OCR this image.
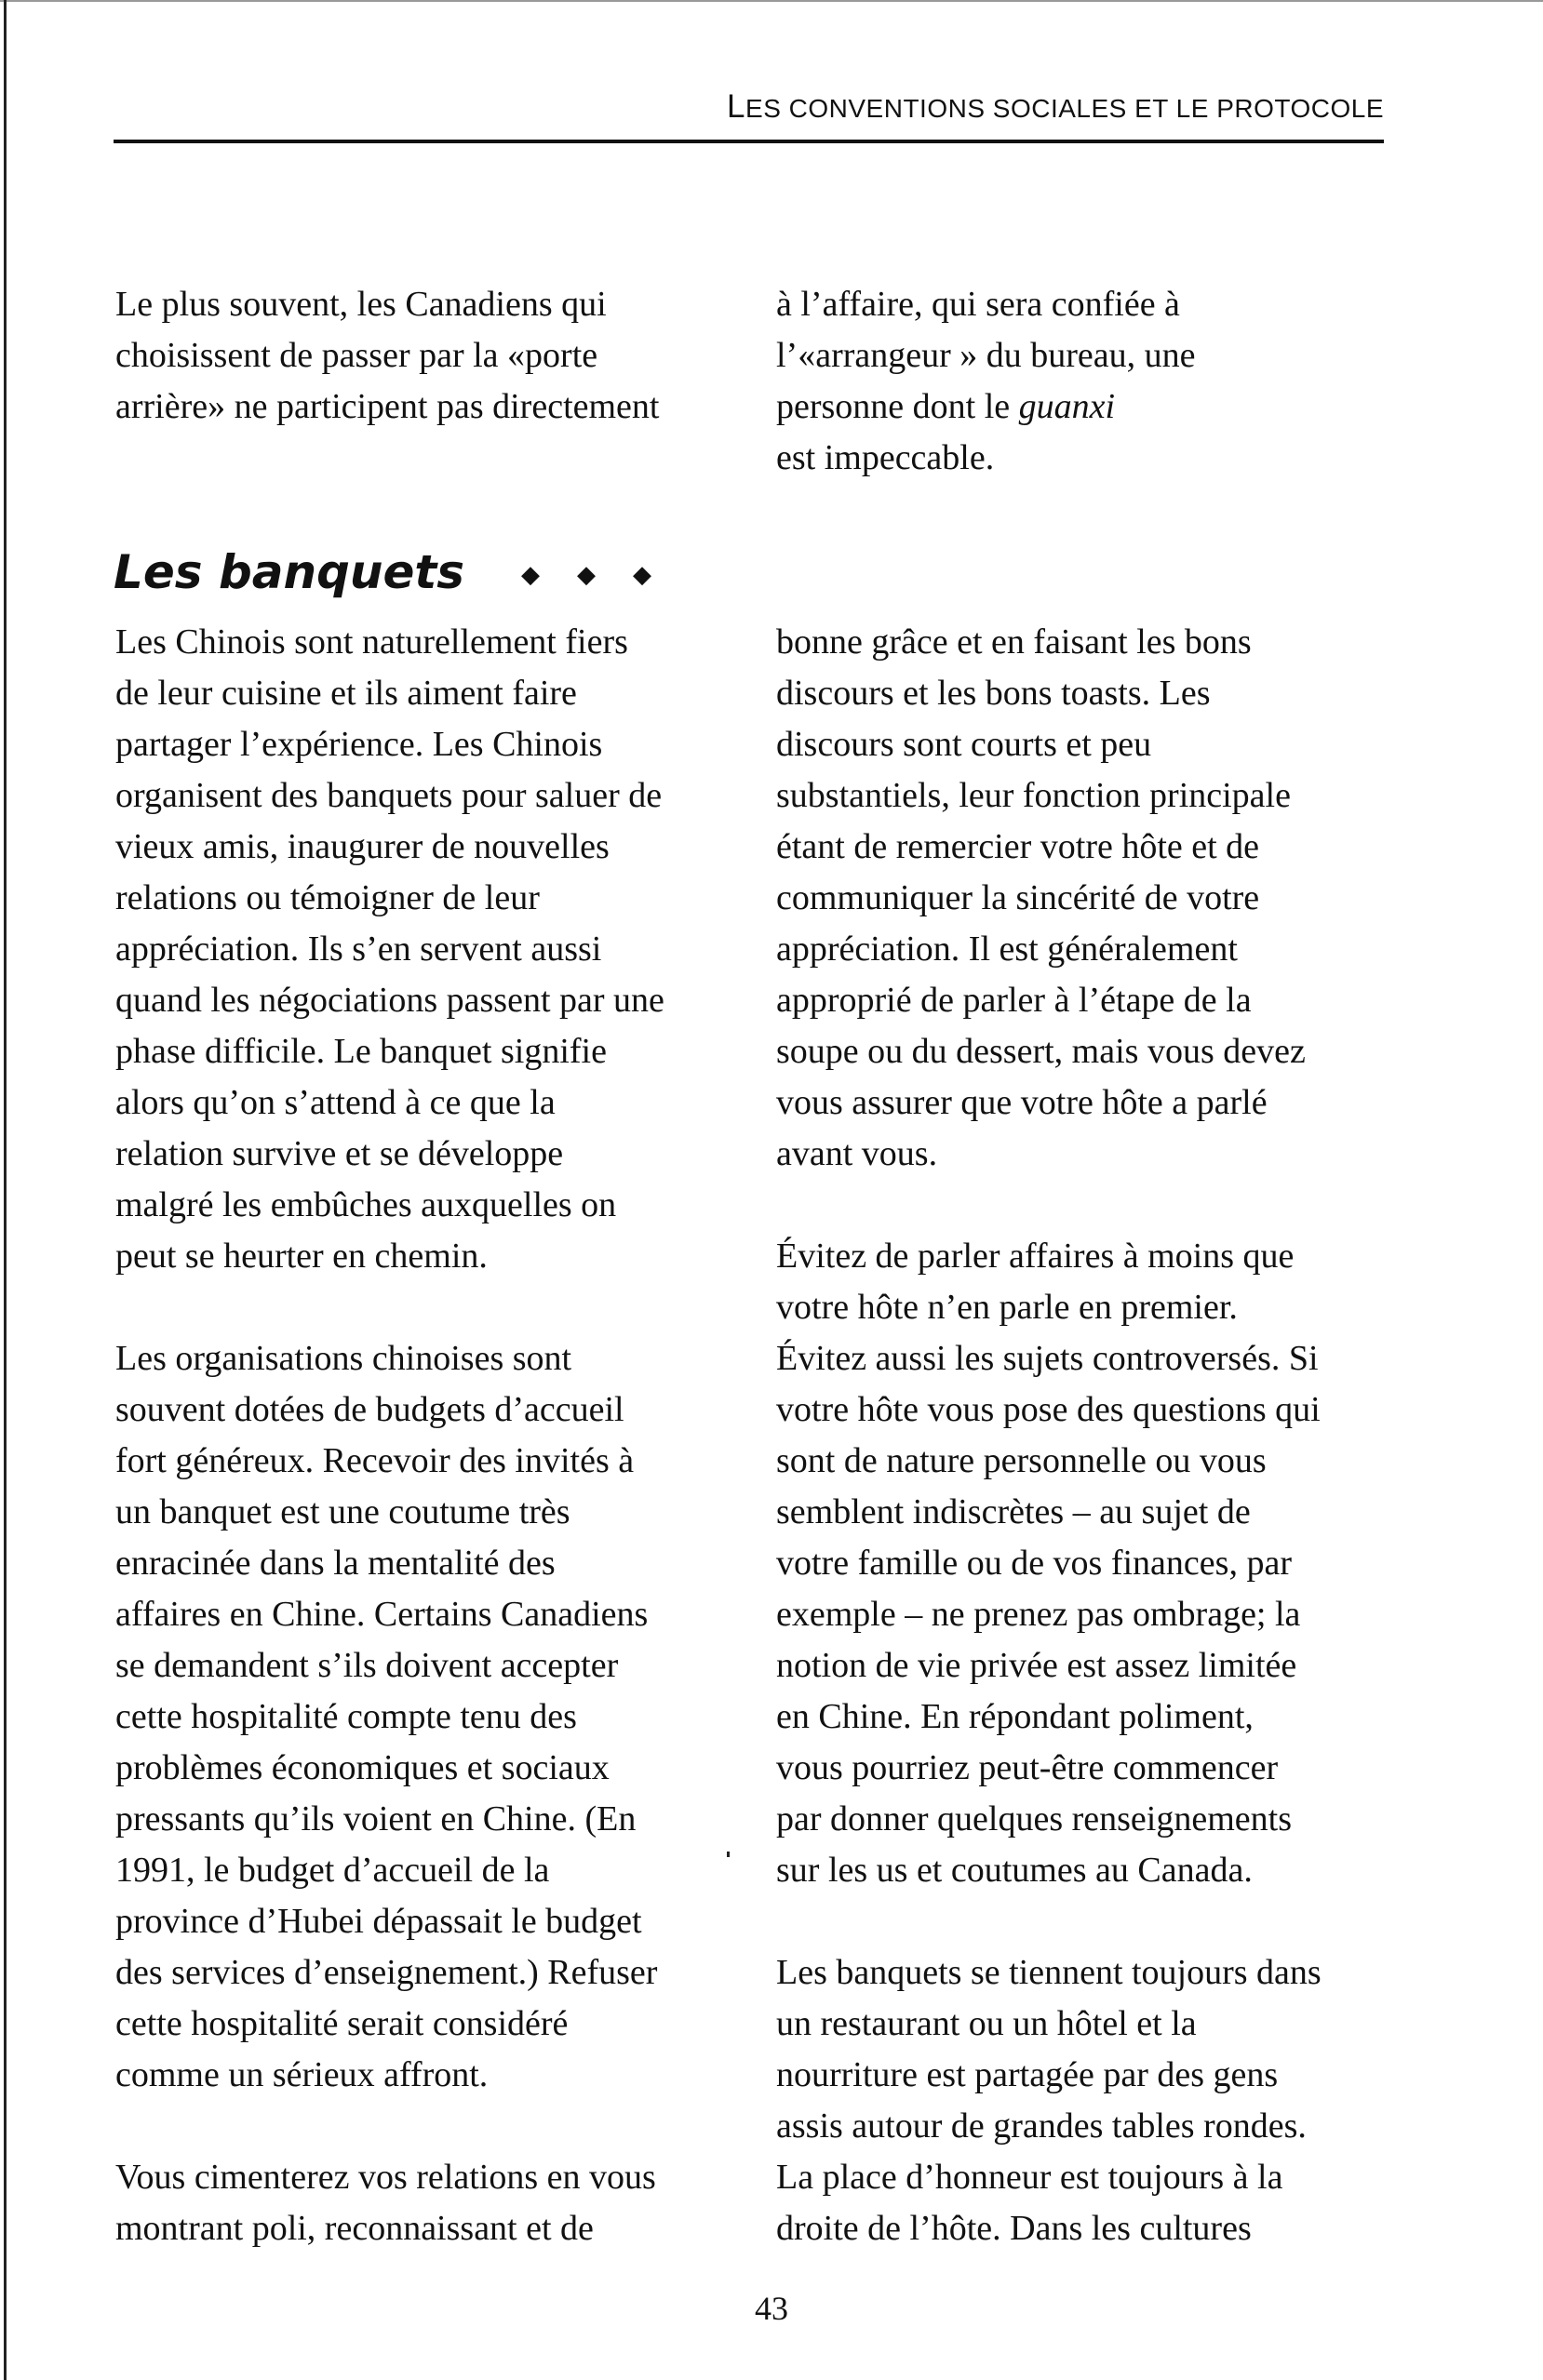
LES CONVENTIONS SOCIALES ET LE PROTOCOLE

Le plus souvent, les Canadiens qui

choisissent de passer par la «porte

arrière» ne participent pas directement

à l’affaire, qui sera confiée à

l’«arrangeur » du bureau, une

personne dont le guanxi

est impeccable.

Les banquets	◆ ◆ ◆

Les Chinois sont naturellement fiers

de leur cuisine et ils aiment faire

partager l’expérience. Les Chinois

organisent des banquets pour saluer de

vieux amis, inaugurer de nouvelles

relations ou témoigner de leur

appréciation. Ils s’en servent aussi

quand les négociations passent par une

phase difficile. Le banquet signifie

alors qu’on s’attend à ce que la

relation survive et se développe

malgré les embûches auxquelles on

peut se heurter en chemin.

Les organisations chinoises sont

souvent dotées de budgets d’accueil

fort généreux. Recevoir des invités à

un banquet est une coutume très

enracinée dans la mentalité des

affaires en Chine. Certains Canadiens

se demandent s’ils doivent accepter

cette hospitalité compte tenu des

problèmes économiques et sociaux

pressants qu’ils voient en Chine. (En

1991, le budget d’accueil de la

province d’Hubei dépassait le budget

des services d’enseignement.) Refuser

cette hospitalité serait considéré

comme un sérieux affront.

Vous cimenterez vos relations en vous

montrant poli, reconnaissant et de

bonne grâce et en faisant les bons

discours et les bons toasts. Les

discours sont courts et peu

substantiels, leur fonction principale

étant de remercier votre hôte et de

communiquer la sincérité de votre

appréciation. Il est généralement

approprié de parler à l’étape de la

soupe ou du dessert, mais vous devez

vous assurer que votre hôte a parlé

avant vous.

Évitez de parler affaires à moins que

votre hôte n’en parle en premier.

Évitez aussi les sujets controversés. Si

votre hôte vous pose des questions qui

sont de nature personnelle ou vous

semblent indiscrètes – au sujet de

votre famille ou de vos finances, par

exemple – ne prenez pas ombrage; la

notion de vie privée est assez limitée

en Chine. En répondant poliment,

vous pourriez peut-être commencer

par donner quelques renseignements

sur les us et coutumes au Canada.

Les banquets se tiennent toujours dans

un restaurant ou un hôtel et la

nourriture est partagée par des gens

assis autour de grandes tables rondes.

La place d’honneur est toujours à la

droite de l’hôte. Dans les cultures

43
